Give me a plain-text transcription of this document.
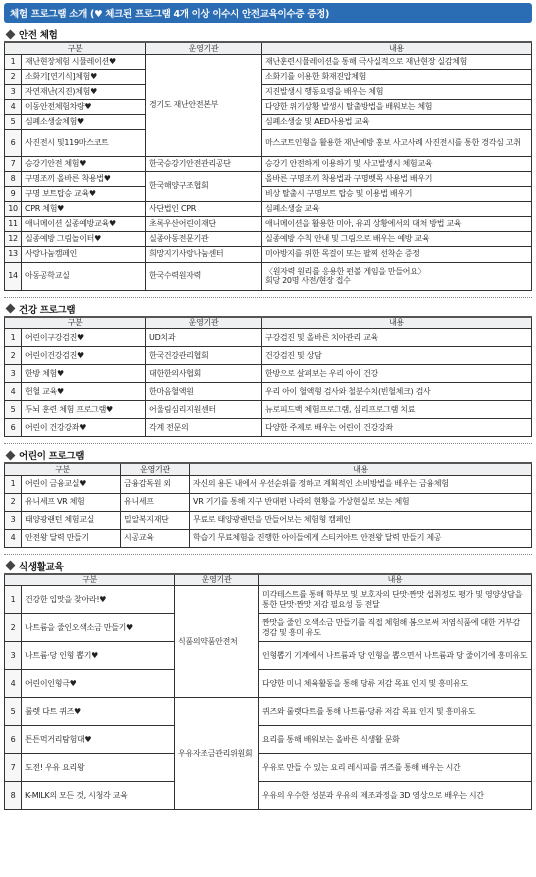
체험 프로그램 소개 (♥ 체크된 프로그램 4개 이상 이수시 안전교육이수증 증정)
안전 체험
구분		운영기관	내용
1	재난현장체험 시뮬레이션♥	경기도 재난안전본부	재난훈련시뮬레이션을 통해 극사실적으로 재난현장 실감체험
2	소화기[연기식]체험♥		소화기를 이용한 화재진압체험
3	자연재난(지진)체험♥		지진발생시 행동요령을 배우는 체험
4	이동안전체험차량♥		다양한 위기상황 발생시 탈출방법을 배워보는 체험
5	심폐소생술체험♥		심폐소생술 및 AED사용법 교육
6	사진전시 및119마스코트		마스코트인형을 활용한 재난예방 홍보 사고사례 사진전시를 통한 경각심 고취
7	승강기안전 체험♥	한국승강기안전관리공단	승강기 안전하게 이용하기 및 사고발생시 체험교육
8	구명조끼 올바른 착용법♥	한국해양구조협회	올바른 구명조끼 착용법과 구명벳목 사용법 배우기
9	구명 보트탑승 교육♥		비상 탈출시 구명보트 탑승 및 이용법 배우기
10	CPR 체험♥	사단법인 CPR	심폐소생술 교육
11	애니메이션 실종예방교육♥	초록우산어린이재단	애니메이션을 활용한 미아, 유괴 상황에서의 대처 방법 교육
12	실종예방 그림놀이터♥	실종아동전문기관	실종예방 수칙 안내 및 그림으로 배우는 예방 교육
13	사랑나눔캠페인	희망지기사랑나눔센터	미아방지를 위한 목걸이 또는 팔찌 선착순 증정
14	아동공학교실	한국수력원자력	〈원자력 원리를 응용한 펀볼 게임을 만들어요〉
회당 20명 사전/현장 접수
건강 프로그램
구분		운영기관	내용
1	어린이구강검진♥	UD치과	구강검진 및 올바른 치아관리 교육
2	어린이건강검진♥	한국건강관리협회	건강검진 및 상담
3	한방 체험♥	대한한의사협회	한방으로 살펴보는 우리 아이 건강
4	헌혈 교육♥	한마음혈액원	우리 아이 혈액형 검사와 철분수치(빈혈체크) 검사
5	두뇌 훈련 체험 프로그램♥	어울림심리지원센터	뉴로피드백 체험프로그램, 심리프로그램 치료
6	어린이 건강강좌♥	각계 전문의	다양한 주제로 배우는 어린이 건강강좌
어린이 프로그램
구분		운영기관	내용
1	어린이 금융교실♥	금융감독원 외	자신의 용돈 내에서 우선순위를 정하고 계획적인 소비방법을 배우는 금융체험
2	유니세프 VR 체험	유니세프	VR 기기를 통해 지구 반대편 나라의 현황을 가상현실로 보는 체험
3	태양광랜턴 체험교실	밀알복지재단	무료로 태양광랜턴을 만들어보는 체험형 캠페인
4	안전왕 달력 만들기	시공교육	학습기 무료체험을 진행한 아이들에게 스티커아트 안전왕 달력 만들기 제공
식생활교육
구분		운영기관	내용
1	건강한 입맛을 찾아라!♥	식품의약품안전처	미각테스트를 통해 학부모 및 보호자의 단맛·짠맛 섭취정도 평가 및 영양상담을 통한 단맛·짠맛 저감 필요성 등 전달
2	나트륨을 줄인오색소금 만들기♥		짠맛을 줄인 오색소금 만들기를 직접 체험해 봄으로써 저염식품에 대한 거부감 경감 및 흥미 유도
3	나트륨·당 인형 뽑기♥		인형뽑기 기계에서 나트륨과 당 인형을 뽑으면서 나트륨과 당 줄이기에 흥미유도
4	어린이인형극♥		다양한 미니 체육활동을 통해 당류 저감 목표 인지 및 흥미유도
5	룰렛 다트 퀴즈♥	우유자조금관리위원회	퀴즈와 룰렛다트를 통해 나트륨·당류 저감 목표 인지 및 흥미유도
6	튼튼먹거리탐험대♥		요리를 통해 배워보는 올바른 식생활 문화
7	도전! 우유 요리왕		우유로 만들 수 있는 요리 레시피를 퀴즈를 통해 배우는 시간
8	K-MILK의 모든 것, 시청각 교육		우유의 우수한 성분과 우유의 제조과정을 3D 영상으로 배우는 시간
